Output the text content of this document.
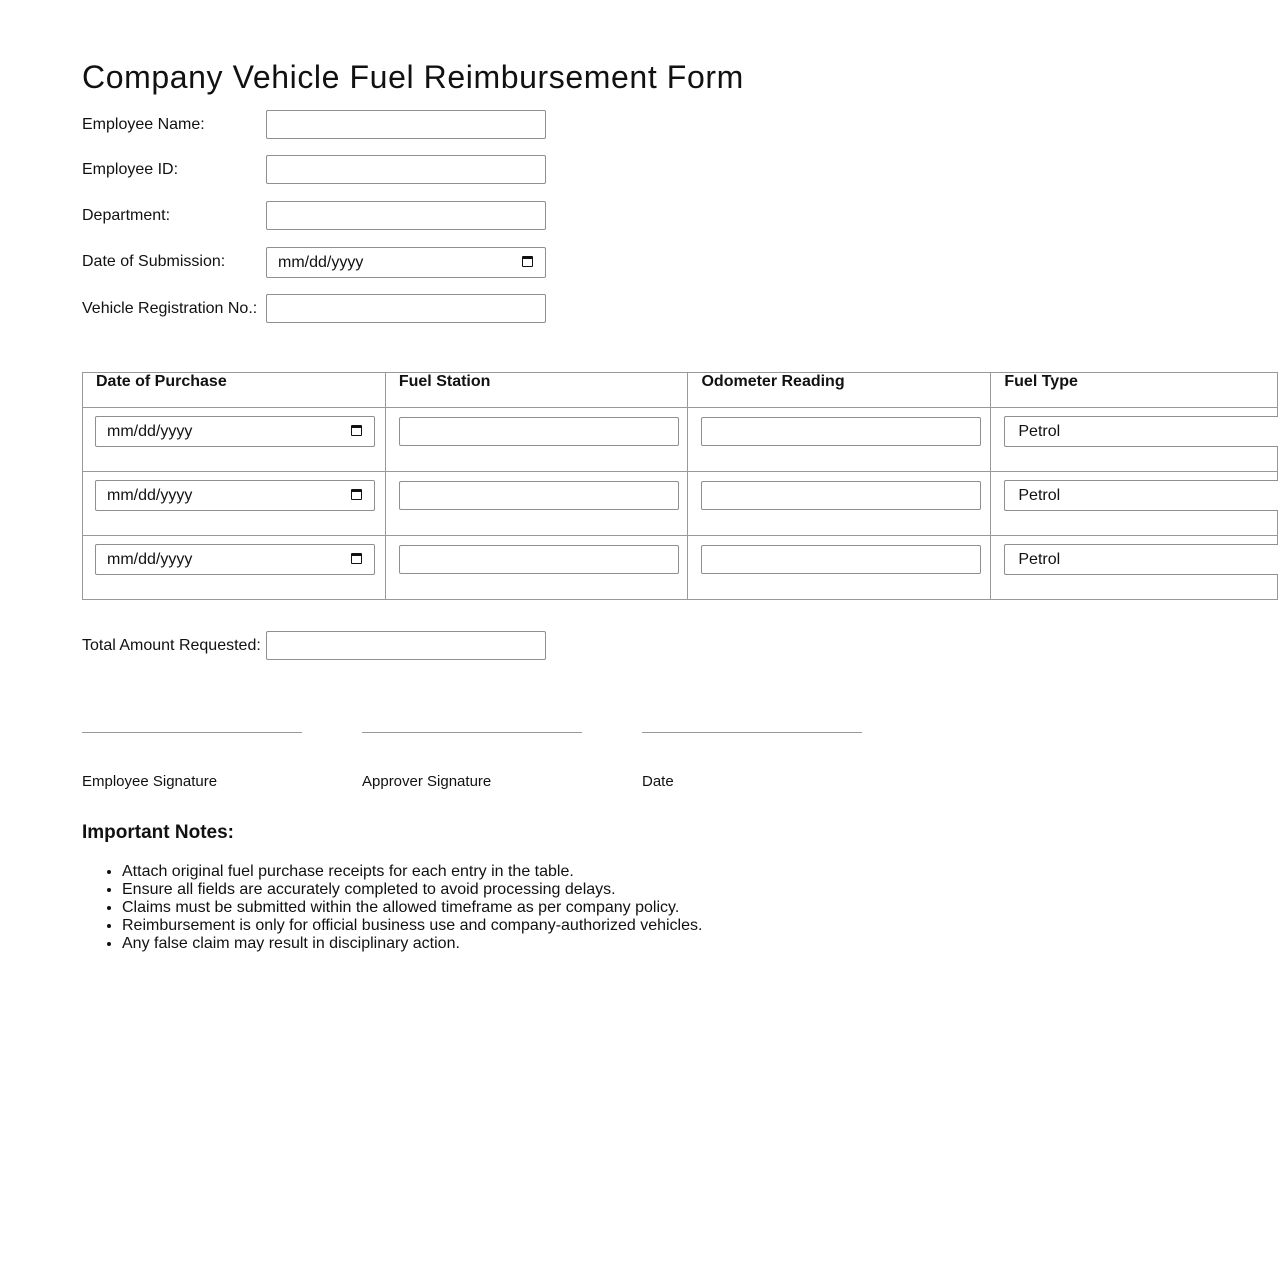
Company Vehicle Fuel Reimbursement Form
Employee Name:
Employee ID:
Department:
Date of Submission:	mm/dd/yyyy
Vehicle Registration No.:
Date of Purchase	Fuel Station	Odometer Reading	Fuel Type

mm/dd/yyyy			Petrol

mm/dd/yyyy			Petrol

mm/dd/yyyy			Petrol
Total Amount Requested:
Employee Signature	Approver Signature	Date
Important Notes:
• Attach original fuel purchase receipts for each entry in the table.
• Ensure all fields are accurately completed to avoid processing delays.
• Claims must be submitted within the allowed timeframe as per company policy.
• Reimbursement is only for official business use and company-authorized vehicles.
• Any false claim may result in disciplinary action.
